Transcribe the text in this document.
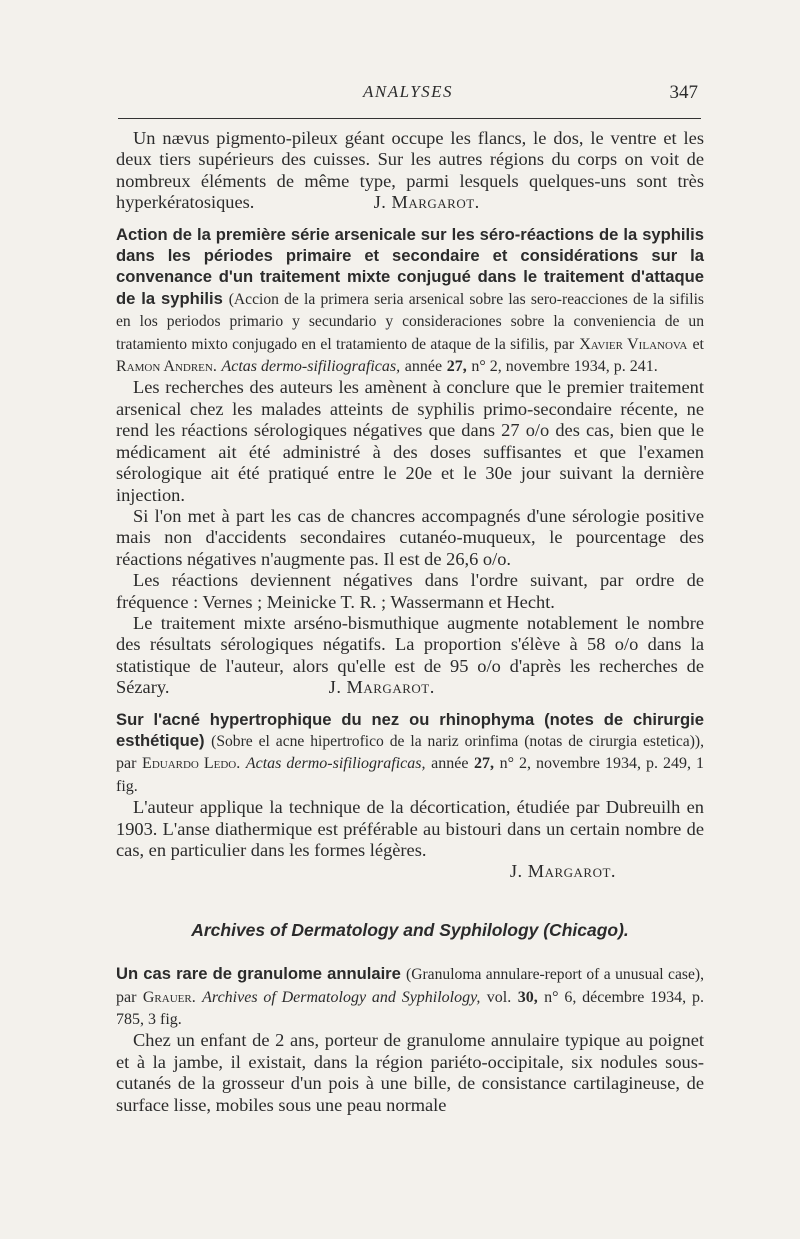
ANALYSES	347

Un nævus pigmento-pileux géant occupe les flancs, le dos, le ventre et les deux tiers supérieurs des cuisses. Sur les autres régions du corps on voit de nombreux éléments de même type, parmi lesquels quelques-uns sont très hyperkératosiques.	J. Margarot.

Action de la première série arsenicale sur les séro-réactions de la syphilis dans les périodes primaire et secondaire et considérations sur la convenance d'un traitement mixte conjugué dans le traitement d'attaque de la syphilis (Accion de la primera seria arsenical sobre las sero-reacciones de la sifilis en los periodos primario y secundario y consideraciones sobre la conveniencia de un tratamiento mixto conjugado en el tratamiento de ataque de la sifilis, par Xavier Vilanova et Ramon Andren. Actas dermo-sifiliograficas, année 27, n° 2, novembre 1934, p. 241.

Les recherches des auteurs les amènent à conclure que le premier traitement arsenical chez les malades atteints de syphilis primo-secondaire récente, ne rend les réactions sérologiques négatives que dans 27 o/o des cas, bien que le médicament ait été administré à des doses suffisantes et que l'examen sérologique ait été pratiqué entre le 20e et le 30e jour suivant la dernière injection.

Si l'on met à part les cas de chancres accompagnés d'une sérologie positive mais non d'accidents secondaires cutanéo-muqueux, le pourcentage des réactions négatives n'augmente pas. Il est de 26,6 o/o.

Les réactions deviennent négatives dans l'ordre suivant, par ordre de fréquence : Vernes ; Meinicke T. R. ; Wassermann et Hecht.

Le traitement mixte arséno-bismuthique augmente notablement le nombre des résultats sérologiques négatifs. La proportion s'élève à 58 o/o dans la statistique de l'auteur, alors qu'elle est de 95 o/o d'après les recherches de Sézary.	J. Margarot.

Sur l'acné hypertrophique du nez ou rhinophyma (notes de chirurgie esthétique) (Sobre el acne hipertrofico de la nariz orinfima (notas de cirurgia estetica)), par Eduardo Ledo. Actas dermo-sifiliograficas, année 27, n° 2, novembre 1934, p. 249, 1 fig.

L'auteur applique la technique de la décortication, étudiée par Dubreuilh en 1903. L'anse diathermique est préférable au bistouri dans un certain nombre de cas, en particulier dans les formes légères.

J. Margarot.

Archives of Dermatology and Syphilology (Chicago).
Un cas rare de granulome annulaire (Granuloma annulare-report of a unusual case), par Grauer. Archives of Dermatology and Syphilology, vol. 30, n° 6, décembre 1934, p. 785, 3 fig.

Chez un enfant de 2 ans, porteur de granulome annulaire typique au poignet et à la jambe, il existait, dans la région pariéto-occipitale, six nodules sous-cutanés de la grosseur d'un pois à une bille, de consistance cartilagineuse, de surface lisse, mobiles sous une peau normale
